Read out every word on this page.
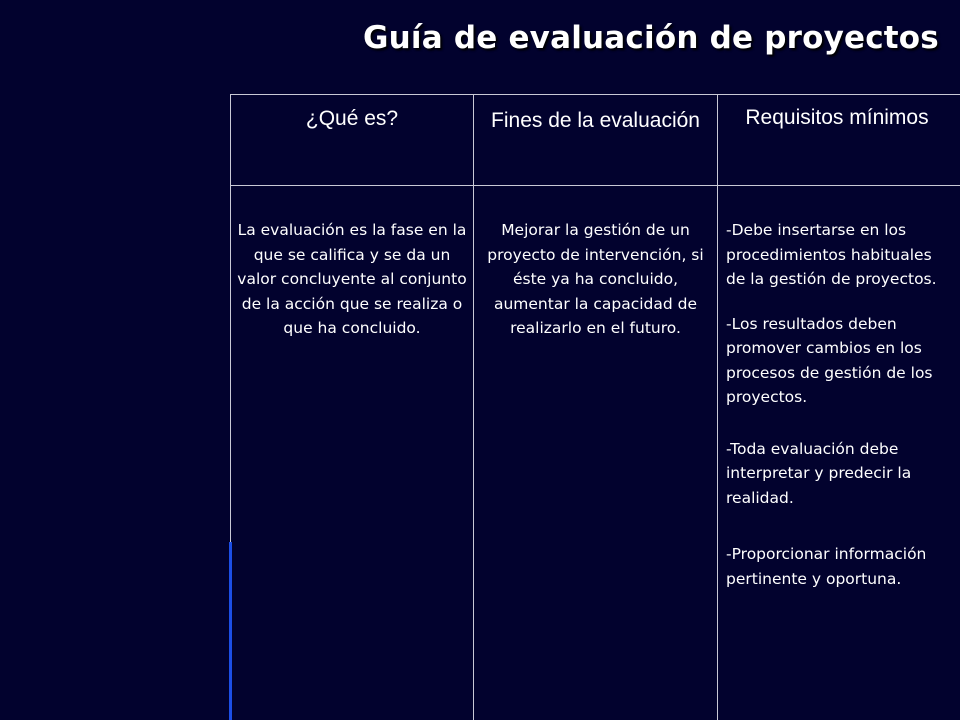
Guía de evaluación de proyectos
¿Qué es?	Fines de la evaluación	Requisitos mínimos
La evaluación es la fase en la que se califica y se da un valor concluyente al conjunto de la acción que se realiza o que ha concluido.
Mejorar la gestión de un proyecto de intervención, si éste ya ha concluido, aumentar la capacidad de realizarlo en el futuro.

-Debe insertarse en los procedimientos habituales de la gestión de proyectos.

-Los resultados deben promover cambios en los procesos de gestión de los proyectos.

-Toda evaluación debe interpretar y predecir la realidad.

-Proporcionar información pertinente y oportuna.
